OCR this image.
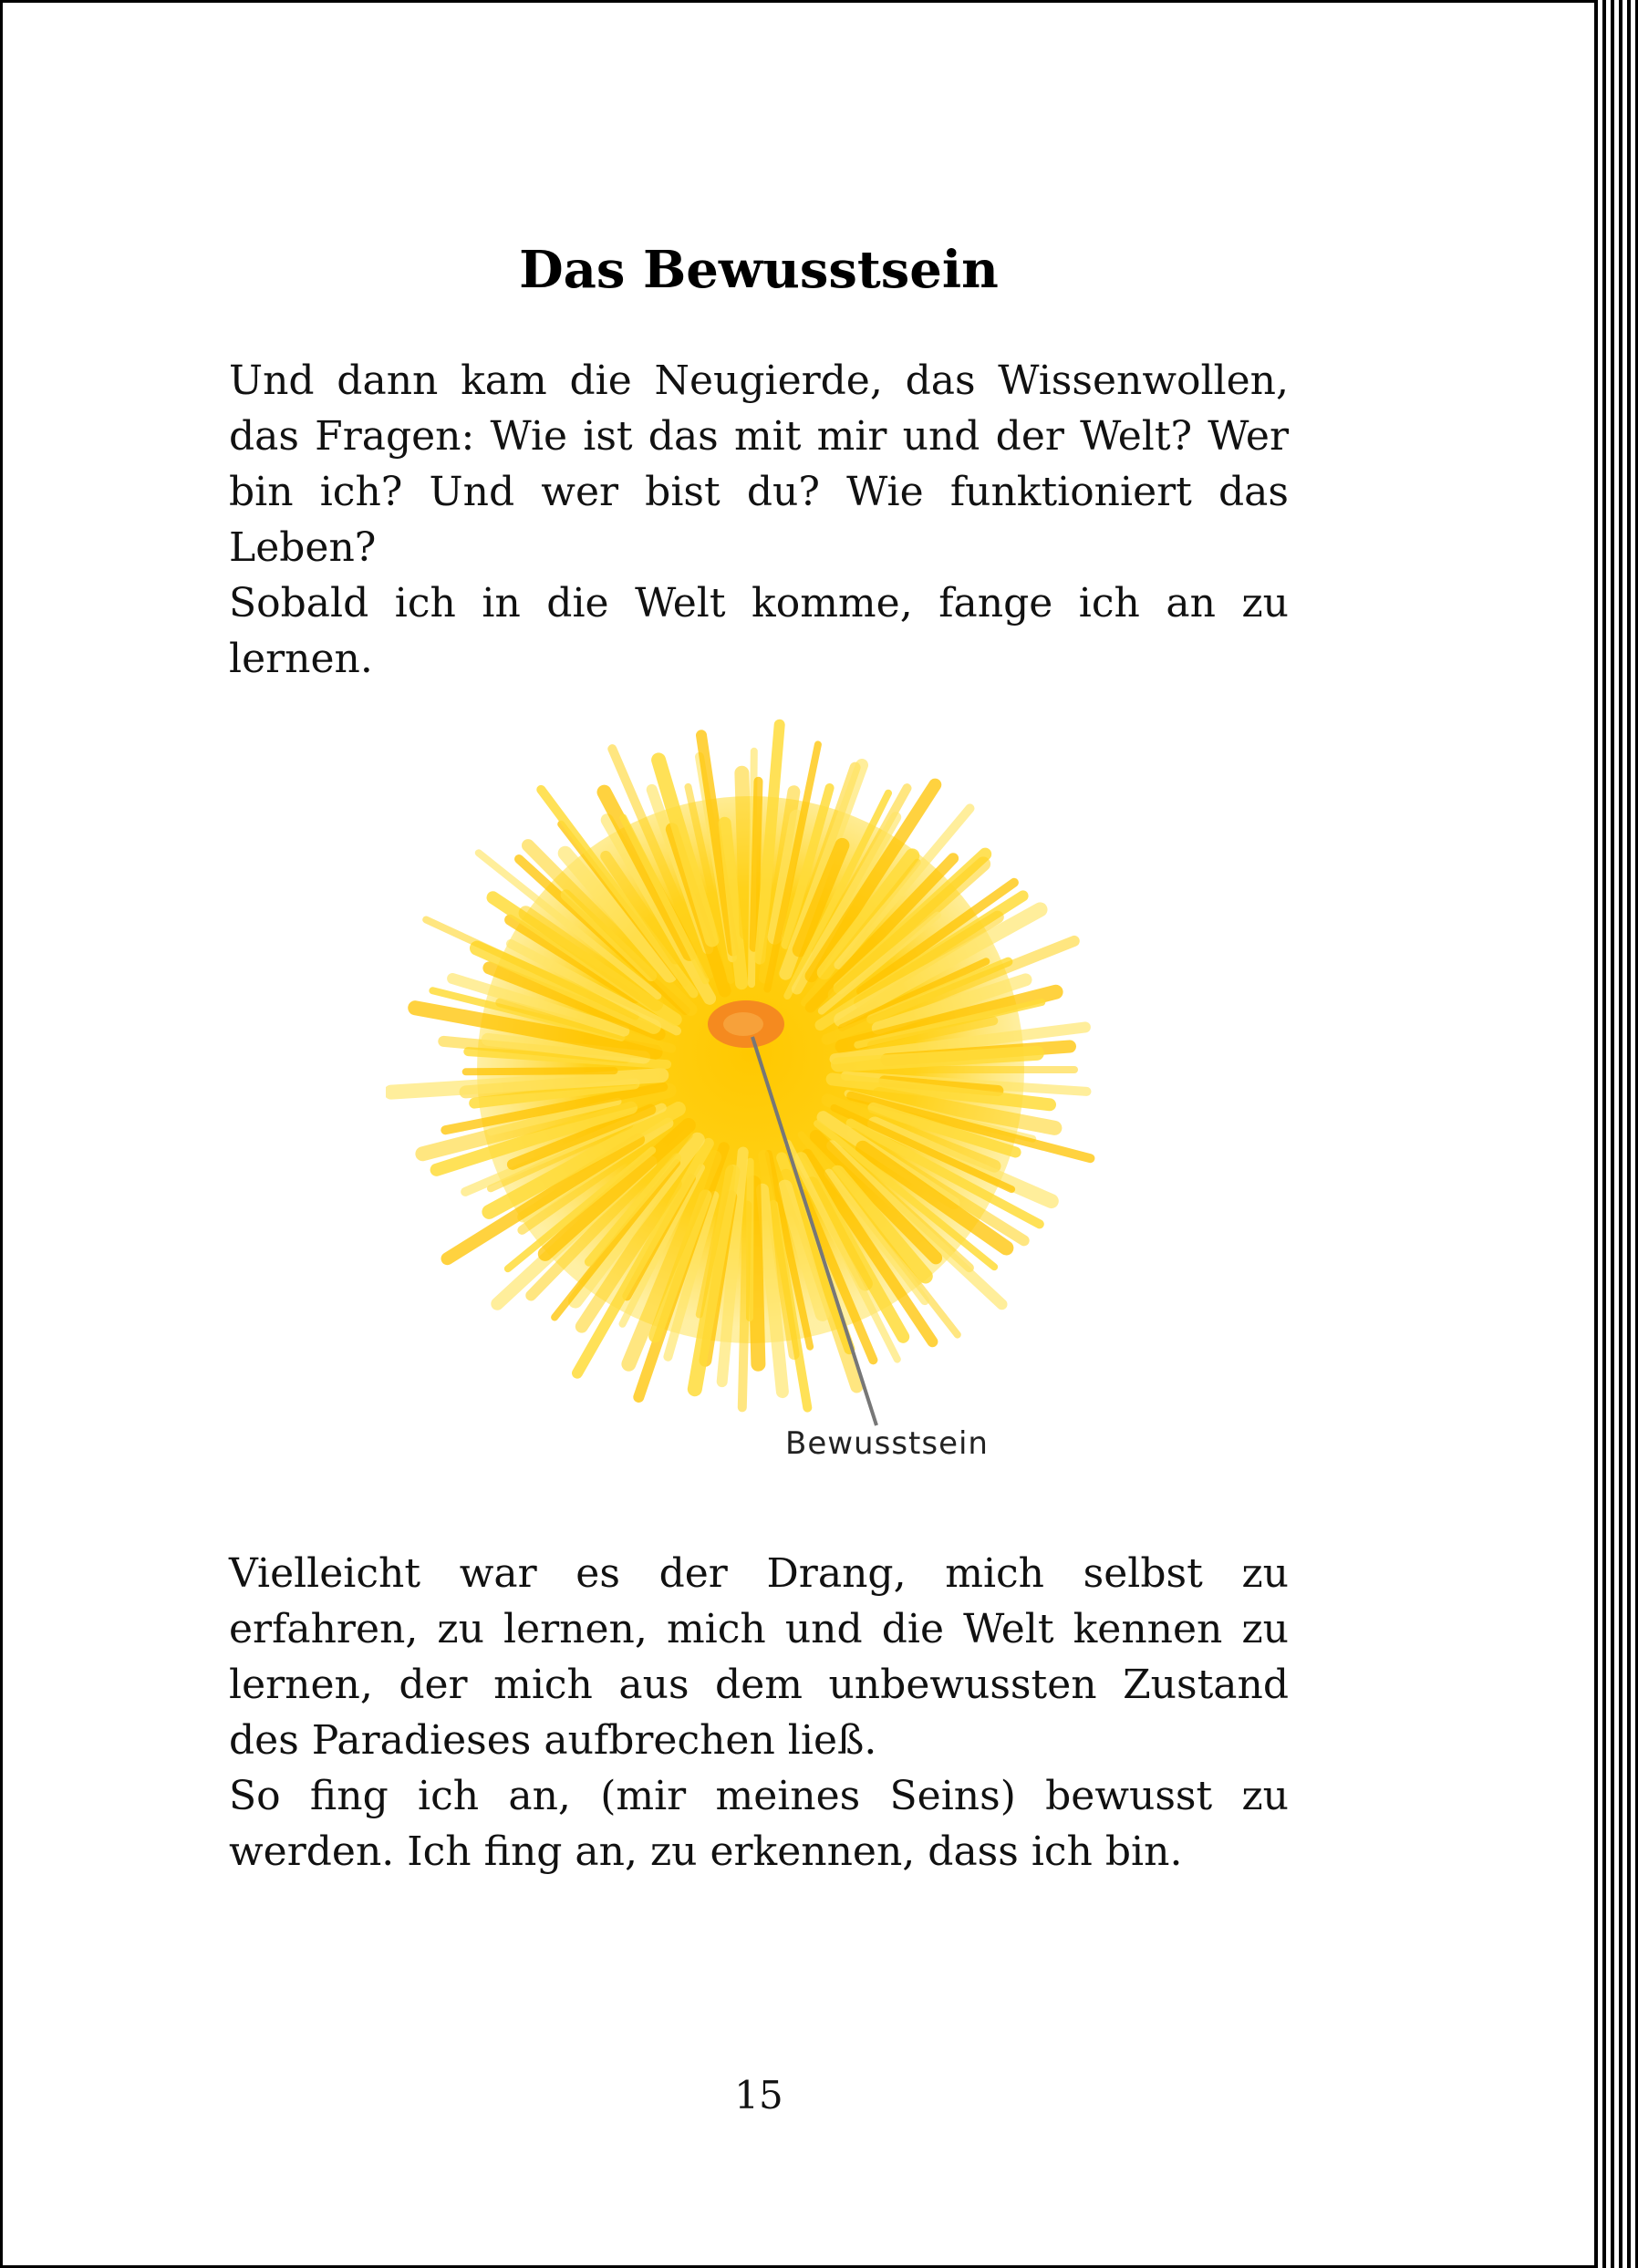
Das Bewusstsein

Und dann kam die Neugierde, das Wissenwollen, das Fragen: Wie ist das mit mir und der Welt? Wer bin ich? Und wer bist du? Wie funktioniert das Leben?

Sobald ich in die Welt komme, fange ich an zu lernen.

Bewusstsein

Vielleicht war es der Drang, mich selbst zu erfahren, zu lernen, mich und die Welt kennen zu lernen, der mich aus dem unbewussten Zustand des Paradieses aufbrechen ließ.

So fing ich an, (mir meines Seins) bewusst zu werden. Ich fing an, zu erkennen, dass ich bin.

15
